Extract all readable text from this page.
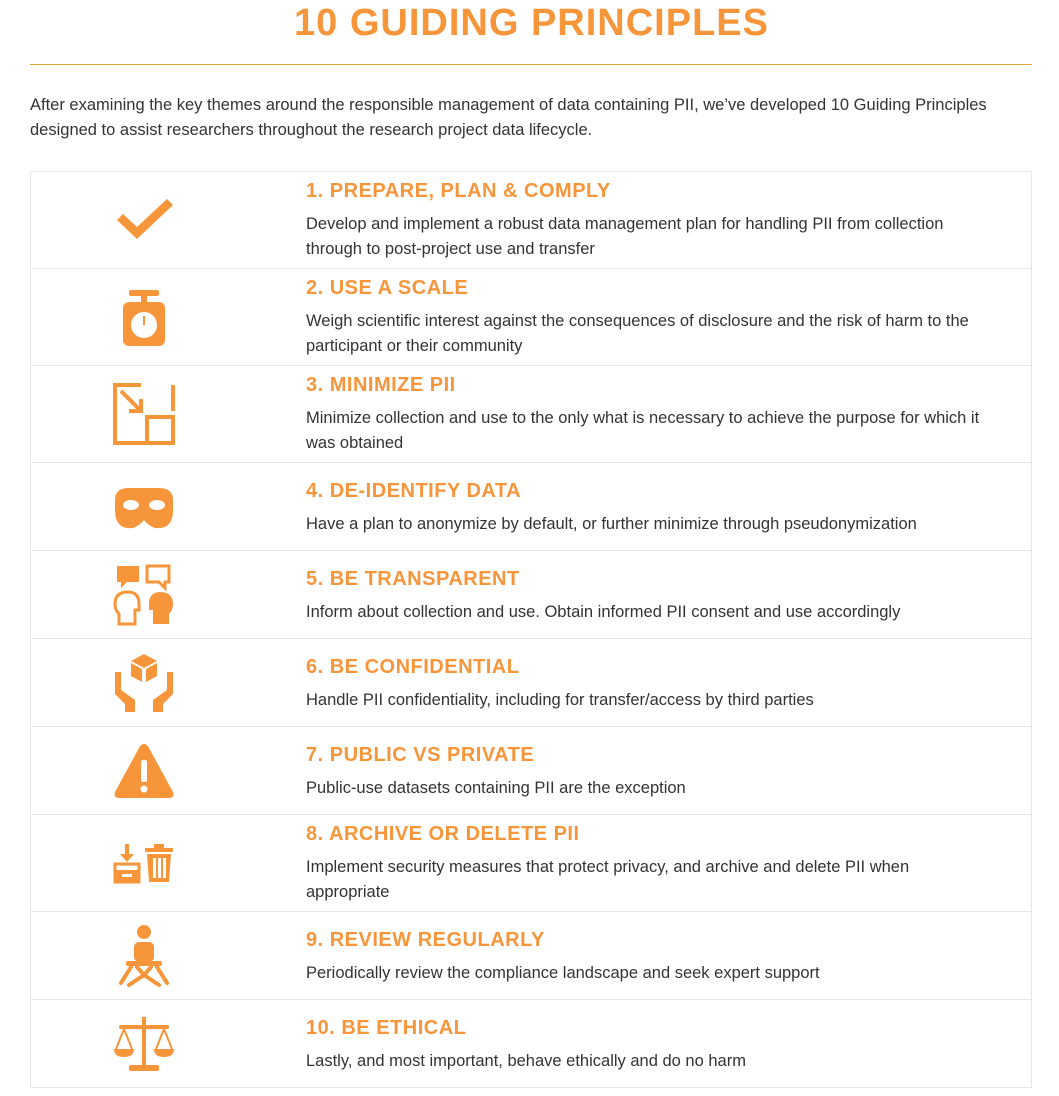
10 GUIDING PRINCIPLES
After examining the key themes around the responsible management of data containing PII, we’ve developed 10 Guiding Principles designed to assist researchers throughout the research project data lifecycle.
1. PREPARE, PLAN & COMPLY
Develop and implement a robust data management plan for handling PII from collection through to post-project use and transfer
2. USE A SCALE
Weigh scientific interest against the consequences of disclosure and the risk of harm to the participant or their community
3. MINIMIZE PII
Minimize collection and use to the only what is necessary to achieve the purpose for which it was obtained
4. DE-IDENTIFY DATA
Have a plan to anonymize by default, or further minimize through pseudonymization
5. BE TRANSPARENT
Inform about collection and use. Obtain informed PII consent and use accordingly
6. BE CONFIDENTIAL
Handle PII confidentiality, including for transfer/access by third parties
7. PUBLIC VS PRIVATE
Public-use datasets containing PII are the exception
8. ARCHIVE OR DELETE PII
Implement security measures that protect privacy, and archive and delete PII when appropriate
9. REVIEW REGULARLY
Periodically review the compliance landscape and seek expert support
10. BE ETHICAL
Lastly, and most important, behave ethically and do no harm
